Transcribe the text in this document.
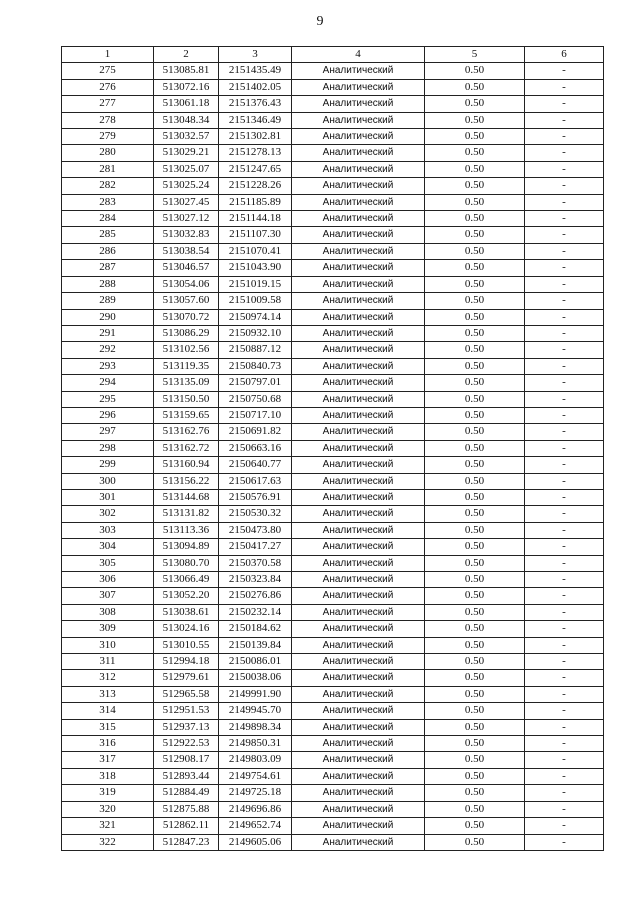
9
1	2	3	4	5	6
275	513085.81	2151435.49	Аналитический	0.50	-
276	513072.16	2151402.05	Аналитический	0.50	-
277	513061.18	2151376.43	Аналитический	0.50	-
278	513048.34	2151346.49	Аналитический	0.50	-
279	513032.57	2151302.81	Аналитический	0.50	-
280	513029.21	2151278.13	Аналитический	0.50	-
281	513025.07	2151247.65	Аналитический	0.50	-
282	513025.24	2151228.26	Аналитический	0.50	-
283	513027.45	2151185.89	Аналитический	0.50	-
284	513027.12	2151144.18	Аналитический	0.50	-
285	513032.83	2151107.30	Аналитический	0.50	-
286	513038.54	2151070.41	Аналитический	0.50	-
287	513046.57	2151043.90	Аналитический	0.50	-
288	513054.06	2151019.15	Аналитический	0.50	-
289	513057.60	2151009.58	Аналитический	0.50	-
290	513070.72	2150974.14	Аналитический	0.50	-
291	513086.29	2150932.10	Аналитический	0.50	-
292	513102.56	2150887.12	Аналитический	0.50	-
293	513119.35	2150840.73	Аналитический	0.50	-
294	513135.09	2150797.01	Аналитический	0.50	-
295	513150.50	2150750.68	Аналитический	0.50	-
296	513159.65	2150717.10	Аналитический	0.50	-
297	513162.76	2150691.82	Аналитический	0.50	-
298	513162.72	2150663.16	Аналитический	0.50	-
299	513160.94	2150640.77	Аналитический	0.50	-
300	513156.22	2150617.63	Аналитический	0.50	-
301	513144.68	2150576.91	Аналитический	0.50	-
302	513131.82	2150530.32	Аналитический	0.50	-
303	513113.36	2150473.80	Аналитический	0.50	-
304	513094.89	2150417.27	Аналитический	0.50	-
305	513080.70	2150370.58	Аналитический	0.50	-
306	513066.49	2150323.84	Аналитический	0.50	-
307	513052.20	2150276.86	Аналитический	0.50	-
308	513038.61	2150232.14	Аналитический	0.50	-
309	513024.16	2150184.62	Аналитический	0.50	-
310	513010.55	2150139.84	Аналитический	0.50	-
311	512994.18	2150086.01	Аналитический	0.50	-
312	512979.61	2150038.06	Аналитический	0.50	-
313	512965.58	2149991.90	Аналитический	0.50	-
314	512951.53	2149945.70	Аналитический	0.50	-
315	512937.13	2149898.34	Аналитический	0.50	-
316	512922.53	2149850.31	Аналитический	0.50	-
317	512908.17	2149803.09	Аналитический	0.50	-
318	512893.44	2149754.61	Аналитический	0.50	-
319	512884.49	2149725.18	Аналитический	0.50	-
320	512875.88	2149696.86	Аналитический	0.50	-
321	512862.11	2149652.74	Аналитический	0.50	-
322	512847.23	2149605.06	Аналитический	0.50	-
